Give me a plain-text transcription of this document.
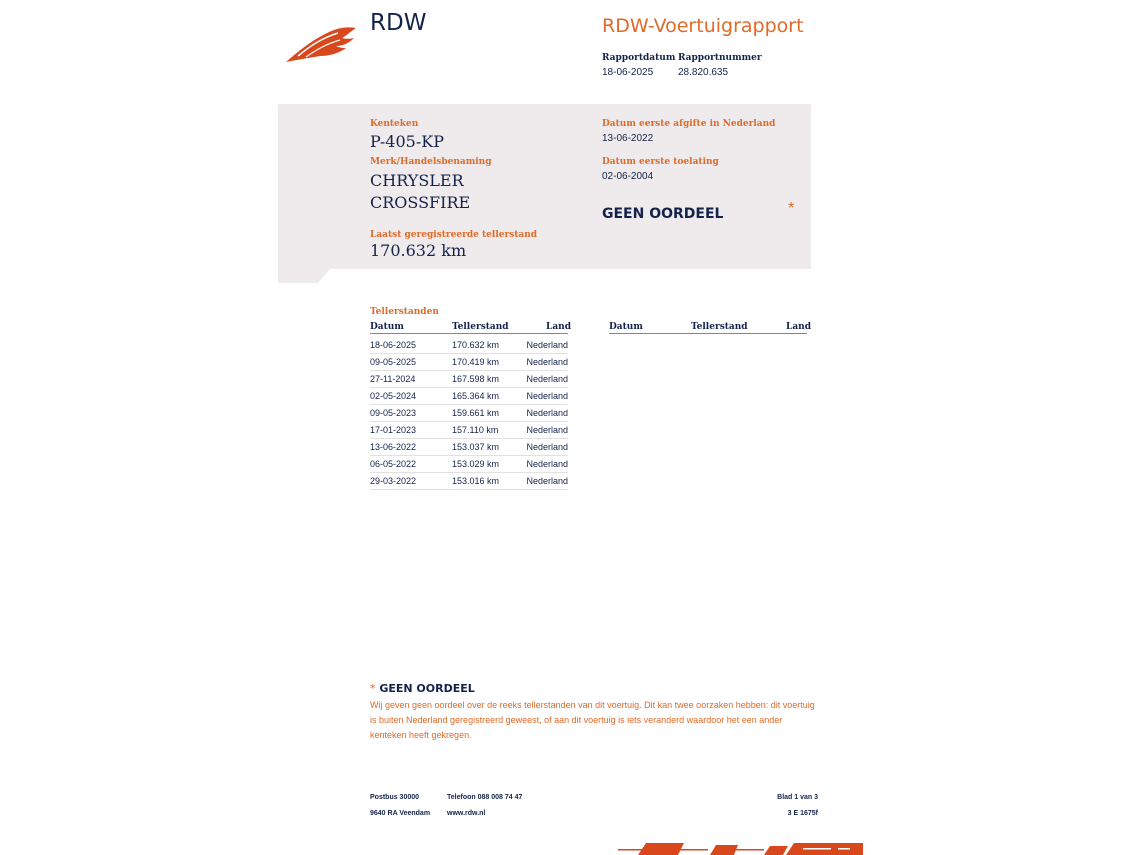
RDW	RDW-Voertuigrapport
Rapportdatum
18-06-2025
Rapportnummer
28.820.635
Kenteken
P-405-KP
Merk/Handelsbenaming
CHRYSLER
CROSSFIRE
Laatst geregistreerde tellerstand
170.632 km
Datum eerste afgifte in Nederland
13-06-2022
Datum eerste toelating
02-06-2004
GEEN OORDEEL	*
Tellerstanden
Datum	Tellerstand	Land	Datum	Tellerstand	Land
18-06-2025	170.632 km	Nederland
09-05-2025	170.419 km	Nederland
27-11-2024	167.598 km	Nederland
02-05-2024	165.364 km	Nederland
09-05-2023	159.661 km	Nederland
17-01-2023	157.110 km	Nederland
13-06-2022	153.037 km	Nederland
06-05-2022	153.029 km	Nederland
29-03-2022	153.016 km	Nederland
* GEEN OORDEEL
Wij geven geen oordeel over de reeks tellerstanden van dit voertuig. Dit kan twee oorzaken hebben: dit voertuig is buiten Nederland geregistreerd geweest, of aan dit voertuig is iets veranderd waardoor het een ander kenteken heeft gekregen.
Postbus 30000
9640 RA Veendam
Telefoon 088 008 74 47
www.rdw.nl
Blad 1 van 3
3 E 1675f
